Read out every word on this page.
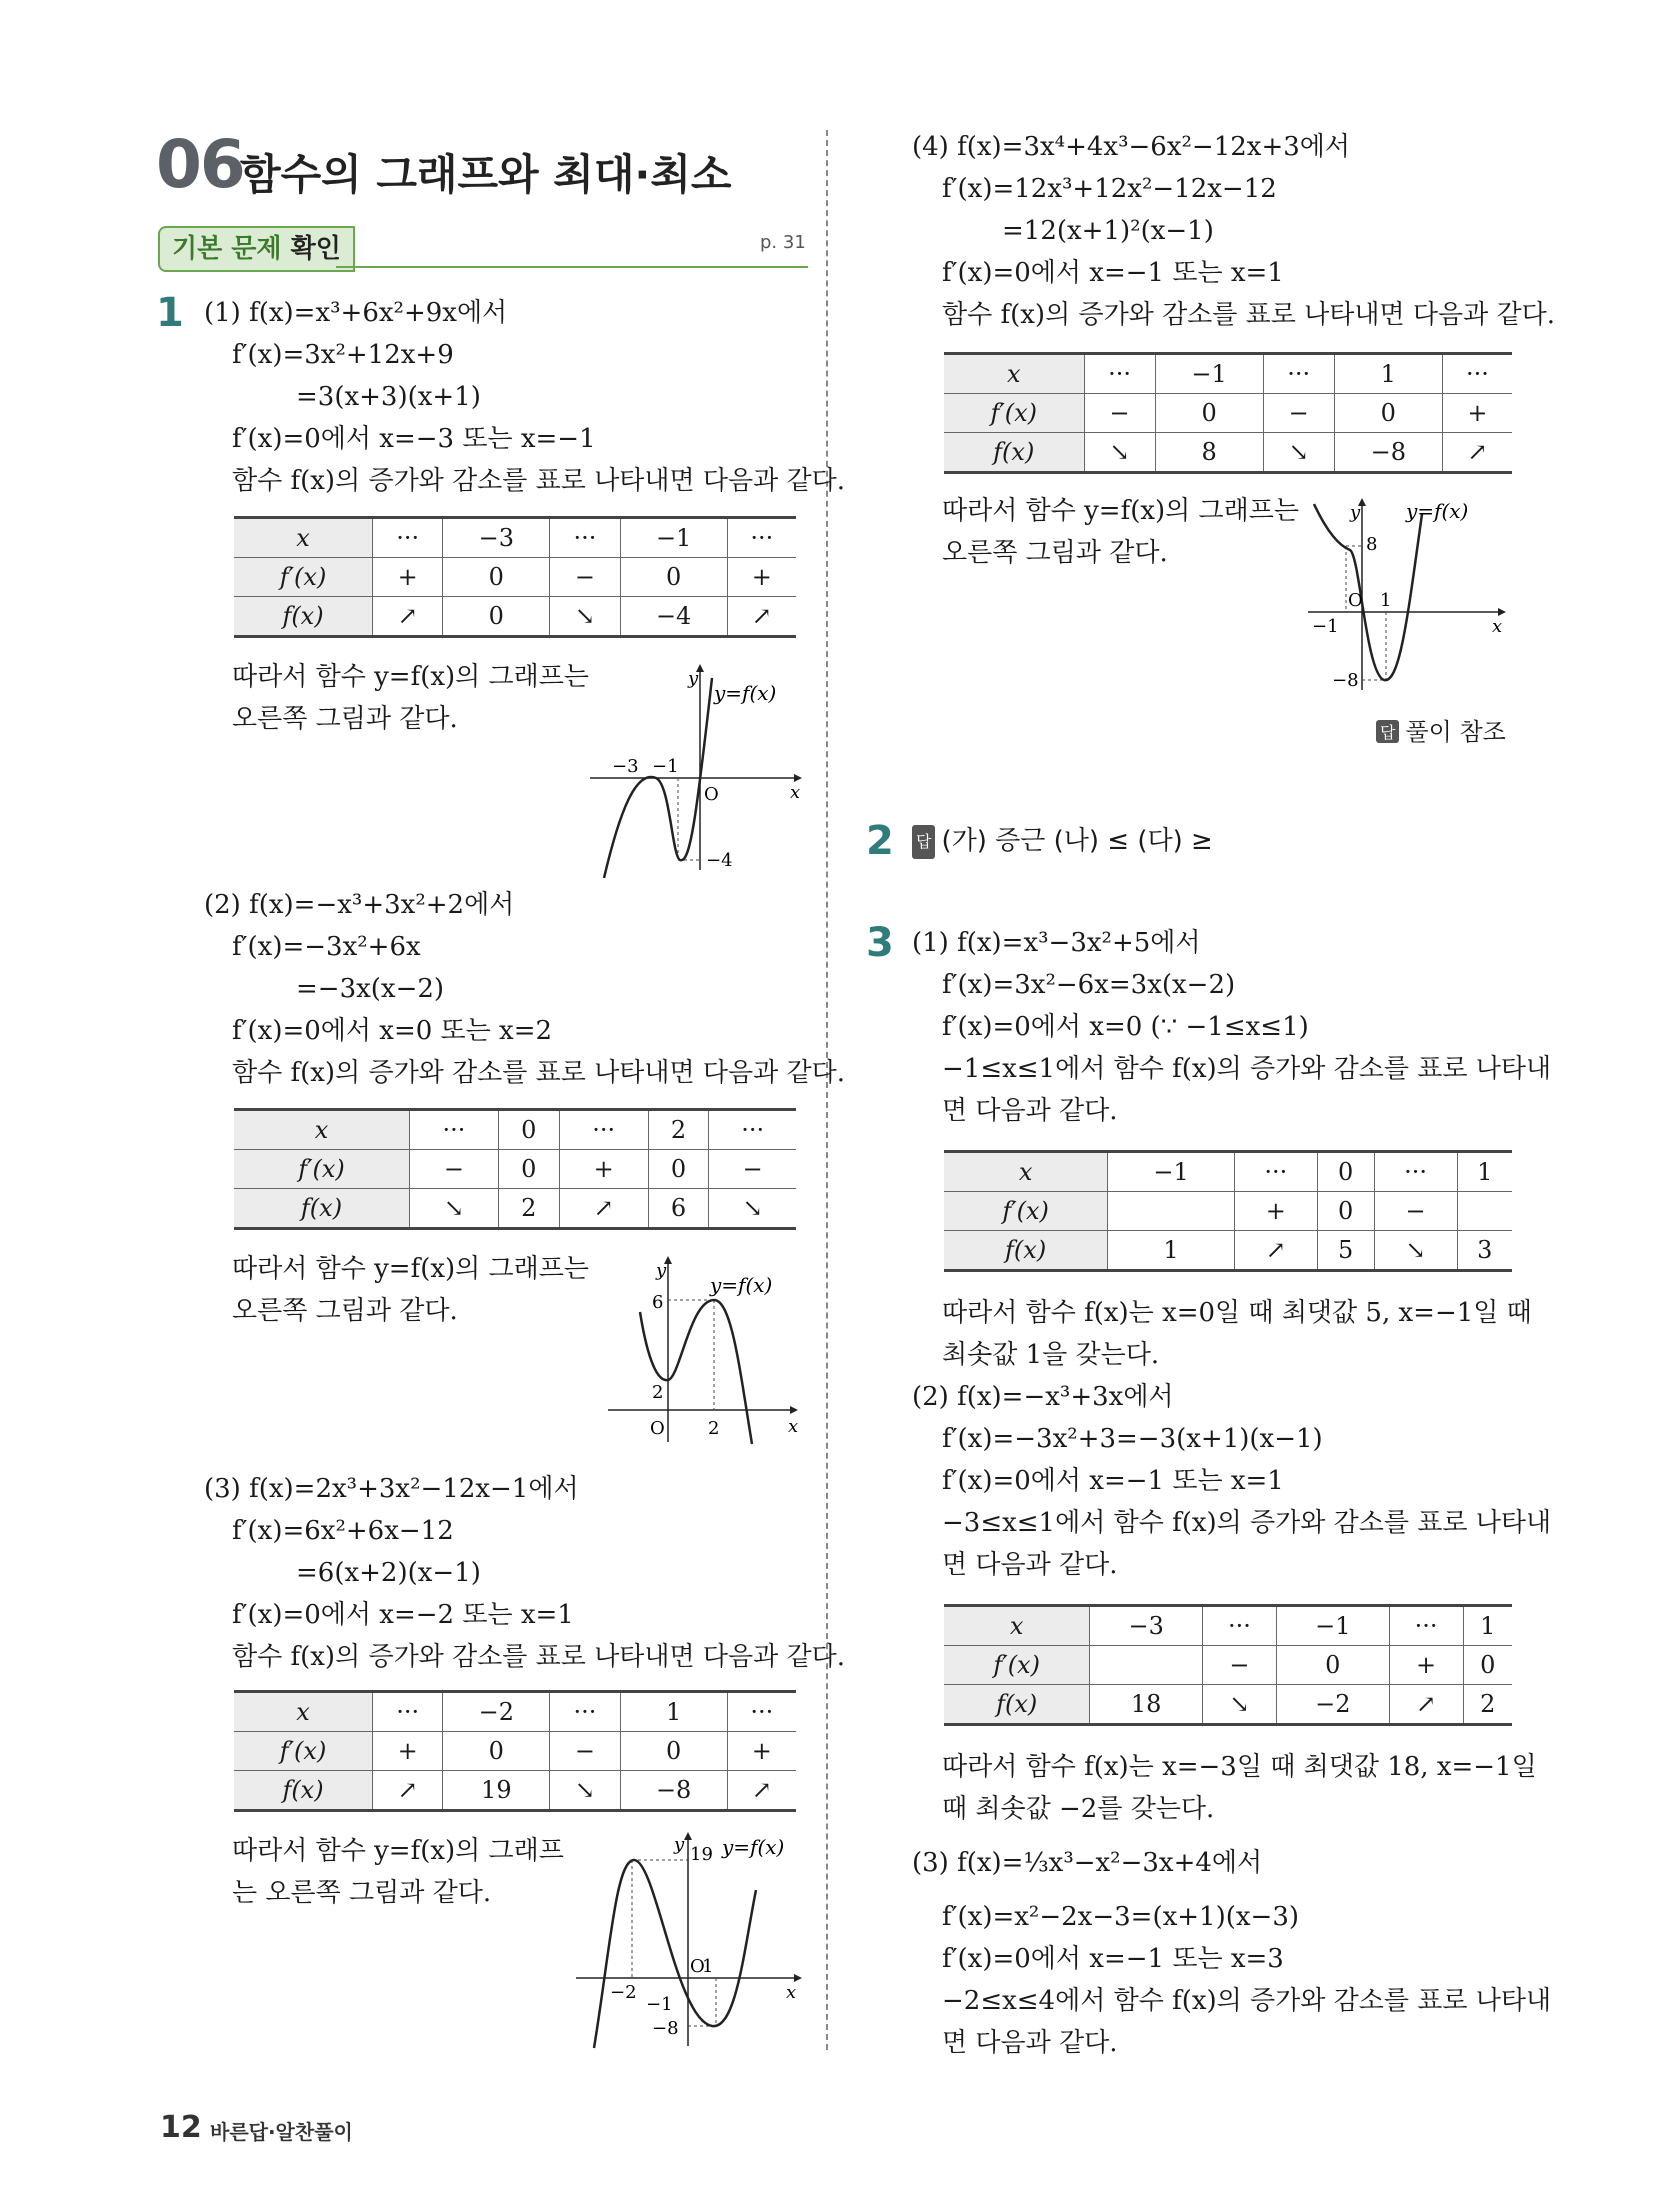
06
함수의 그래프와 최대·최소
기본 문제 확인	p. 31
1 (1) f(x)=x³+6x²+9x에서
f′(x)=3x²+12x+9
=3(x+3)(x+1)
f′(x)=0에서 x=−3 또는 x=−1
함수 f(x)의 증가와 감소를 표로 나타내면 다음과 같다.
x	···	−3	···	−1	···
f′(x)	+	0	−	0	+
f(x)	↗	0	↘	−4	↗
따라서 함수 y=f(x)의 그래프는
오른쪽 그림과 같다.
y
x
y=f(x)
−3 −1
O
−4
(2) f(x)=−x³+3x²+2에서
f′(x)=−3x²+6x
=−3x(x−2)
f′(x)=0에서 x=0 또는 x=2
함수 f(x)의 증가와 감소를 표로 나타내면 다음과 같다.
x	···	0	···	2	···
f′(x)	−	0	+	0	−
f(x)	↘	2	↗	6	↘
따라서 함수 y=f(x)의 그래프는
오른쪽 그림과 같다.
y
x
y=f(x)
6
2
O 2
(3) f(x)=2x³+3x²−12x−1에서
f′(x)=6x²+6x−12
=6(x+2)(x−1)
f′(x)=0에서 x=−2 또는 x=1
함수 f(x)의 증가와 감소를 표로 나타내면 다음과 같다.
x	···	−2	···	1	···
f′(x)	+	0	−	0	+
f(x)	↗	19	↘	−8	↗
따라서 함수 y=f(x)의 그래프
는 오른쪽 그림과 같다.
y
x
y=f(x)
19
O
1
−2
−1
−8
(4) f(x)=3x⁴+4x³−6x²−12x+3에서
f′(x)=12x³+12x²−12x−12
=12(x+1)²(x−1)
f′(x)=0에서 x=−1 또는 x=1
함수 f(x)의 증가와 감소를 표로 나타내면 다음과 같다.
x	···	−1	···	1	···
f′(x)	−	0	−	0	+
f(x)	↘	8	↘	−8	↗
따라서 함수 y=f(x)의 그래프는
오른쪽 그림과 같다.
y
x
y=f(x)
8
O 1
−1
−8
답 풀이 참조
2 답 (가) 증근 (나) ≤ (다) ≥
3 (1) f(x)=x³−3x²+5에서
f′(x)=3x²−6x=3x(x−2)
f′(x)=0에서 x=0 (∵ −1≤x≤1)
−1≤x≤1에서 함수 f(x)의 증가와 감소를 표로 나타내
면 다음과 같다.
x	−1	···	0	···	1
f′(x)		+	0	−	
f(x)	1	↗	5	↘	3
따라서 함수 f(x)는 x=0일 때 최댓값 5, x=−1일 때
최솟값 1을 갖는다.
(2) f(x)=−x³+3x에서
f′(x)=−3x²+3=−3(x+1)(x−1)
f′(x)=0에서 x=−1 또는 x=1
−3≤x≤1에서 함수 f(x)의 증가와 감소를 표로 나타내
면 다음과 같다.
x	−3	···	−1	···	1
f′(x)		−	0	+	0
f(x)	18	↘	−2	↗	2
따라서 함수 f(x)는 x=−3일 때 최댓값 18, x=−1일
때 최솟값 −2를 갖는다.
(3) f(x)=⅓x³−x²−3x+4에서
f′(x)=x²−2x−3=(x+1)(x−3)
f′(x)=0에서 x=−1 또는 x=3
−2≤x≤4에서 함수 f(x)의 증가와 감소를 표로 나타내
면 다음과 같다.
12 바른답·알찬풀이
